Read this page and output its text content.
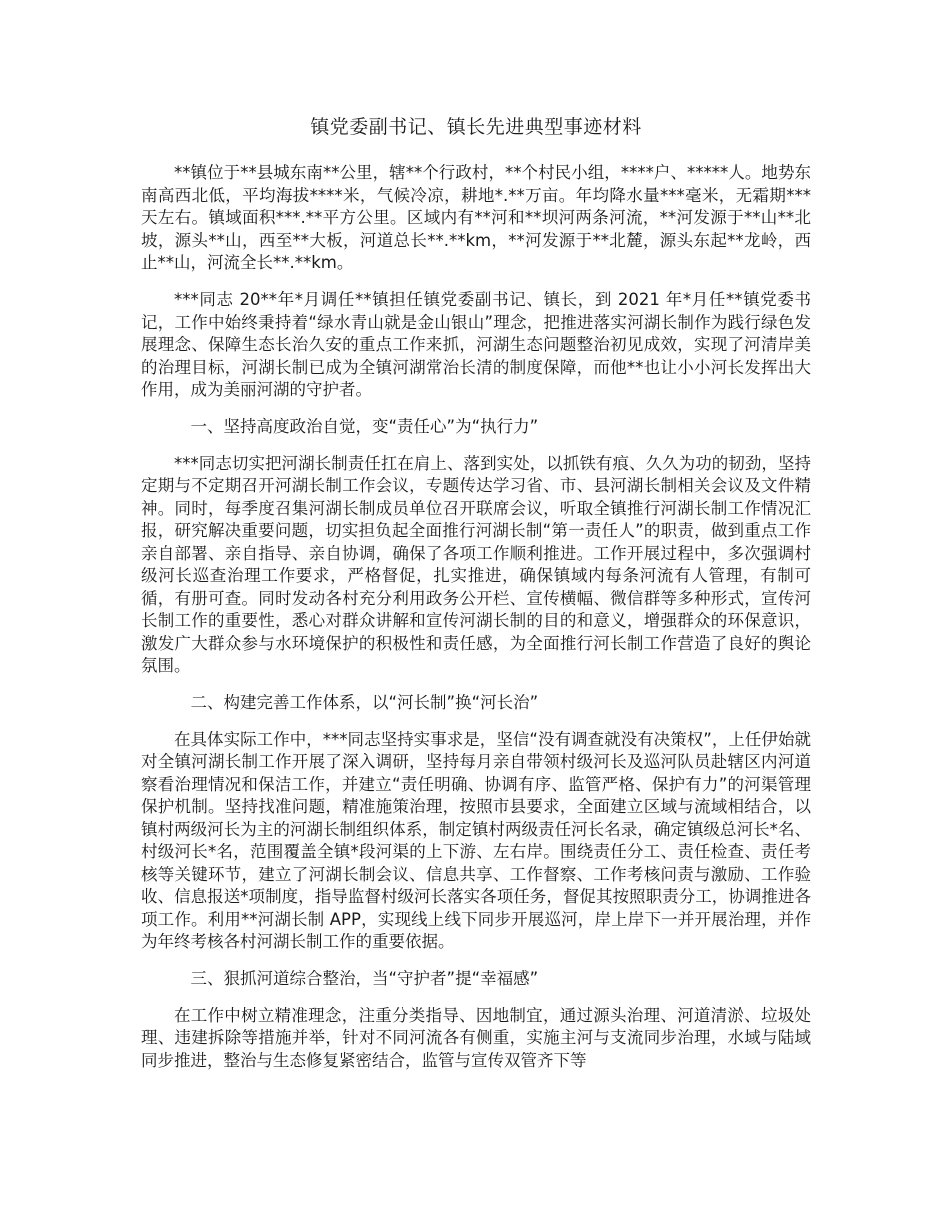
镇党委副书记、镇长先进典型事迹材料

**镇位于**县城东南**公里，辖**个行政村，**个村民小组，****户、*****人。地势东南高西北低，平均海拔****米，气候冷凉，耕地*.**万亩。年均降水量***毫米，无霜期***天左右。镇域面积***.**平方公里。区域内有**河和**坝河两条河流，**河发源于**山**北坡，源头**山，西至**大板，河道总长**.**km，**河发源于**北麓，源头东起**龙岭，西止**山，河流全长**.**km。

***同志 20**年*月调任**镇担任镇党委副书记、镇长，到 2021 年*月任**镇党委书记，工作中始终秉持着“绿水青山就是金山银山”理念，把推进落实河湖长制作为践行绿色发展理念、保障生态长治久安的重点工作来抓，河湖生态问题整治初见成效，实现了河清岸美的治理目标，河湖长制已成为全镇河湖常治长清的制度保障，而他**也让小小河长发挥出大作用，成为美丽河湖的守护者。

一、坚持高度政治自觉，变“责任心”为“执行力”

***同志切实把河湖长制责任扛在肩上、落到实处，以抓铁有痕、久久为功的韧劲，坚持定期与不定期召开河湖长制工作会议，专题传达学习省、市、县河湖长制相关会议及文件精神。同时，每季度召集河湖长制成员单位召开联席会议，听取全镇推行河湖长制工作情况汇报，研究解决重要问题，切实担负起全面推行河湖长制“第一责任人”的职责，做到重点工作亲自部署、亲自指导、亲自协调，确保了各项工作顺利推进。工作开展过程中，多次强调村级河长巡查治理工作要求，严格督促，扎实推进，确保镇域内每条河流有人管理，有制可循，有册可查。同时发动各村充分利用政务公开栏、宣传横幅、微信群等多种形式，宣传河长制工作的重要性，悉心对群众讲解和宣传河湖长制的目的和意义，增强群众的环保意识，激发广大群众参与水环境保护的积极性和责任感，为全面推行河长制工作营造了良好的舆论氛围。

二、构建完善工作体系，以“河长制”换“河长治”

在具体实际工作中，***同志坚持实事求是，坚信“没有调查就没有决策权”，上任伊始就对全镇河湖长制工作开展了深入调研，坚持每月亲自带领村级河长及巡河队员赴辖区内河道察看治理情况和保洁工作，并建立“责任明确、协调有序、监管严格、保护有力”的河渠管理保护机制。坚持找准问题，精准施策治理，按照市县要求，全面建立区域与流域相结合，以镇村两级河长为主的河湖长制组织体系，制定镇村两级责任河长名录，确定镇级总河长*名、村级河长*名，范围覆盖全镇*段河渠的上下游、左右岸。围绕责任分工、责任检查、责任考核等关键环节，建立了河湖长制会议、信息共享、工作督察、工作考核问责与激励、工作验收、信息报送*项制度，指导监督村级河长落实各项任务，督促其按照职责分工，协调推进各项工作。利用**河湖长制 APP，实现线上线下同步开展巡河，岸上岸下一并开展治理，并作为年终考核各村河湖长制工作的重要依据。

三、狠抓河道综合整治，当“守护者”提“幸福感”

在工作中树立精准理念，注重分类指导、因地制宜，通过源头治理、河道清淤、垃圾处理、违建拆除等措施并举，针对不同河流各有侧重，实施主河与支流同步治理，水域与陆域同步推进，整治与生态修复紧密结合，监管与宣传双管齐下等
